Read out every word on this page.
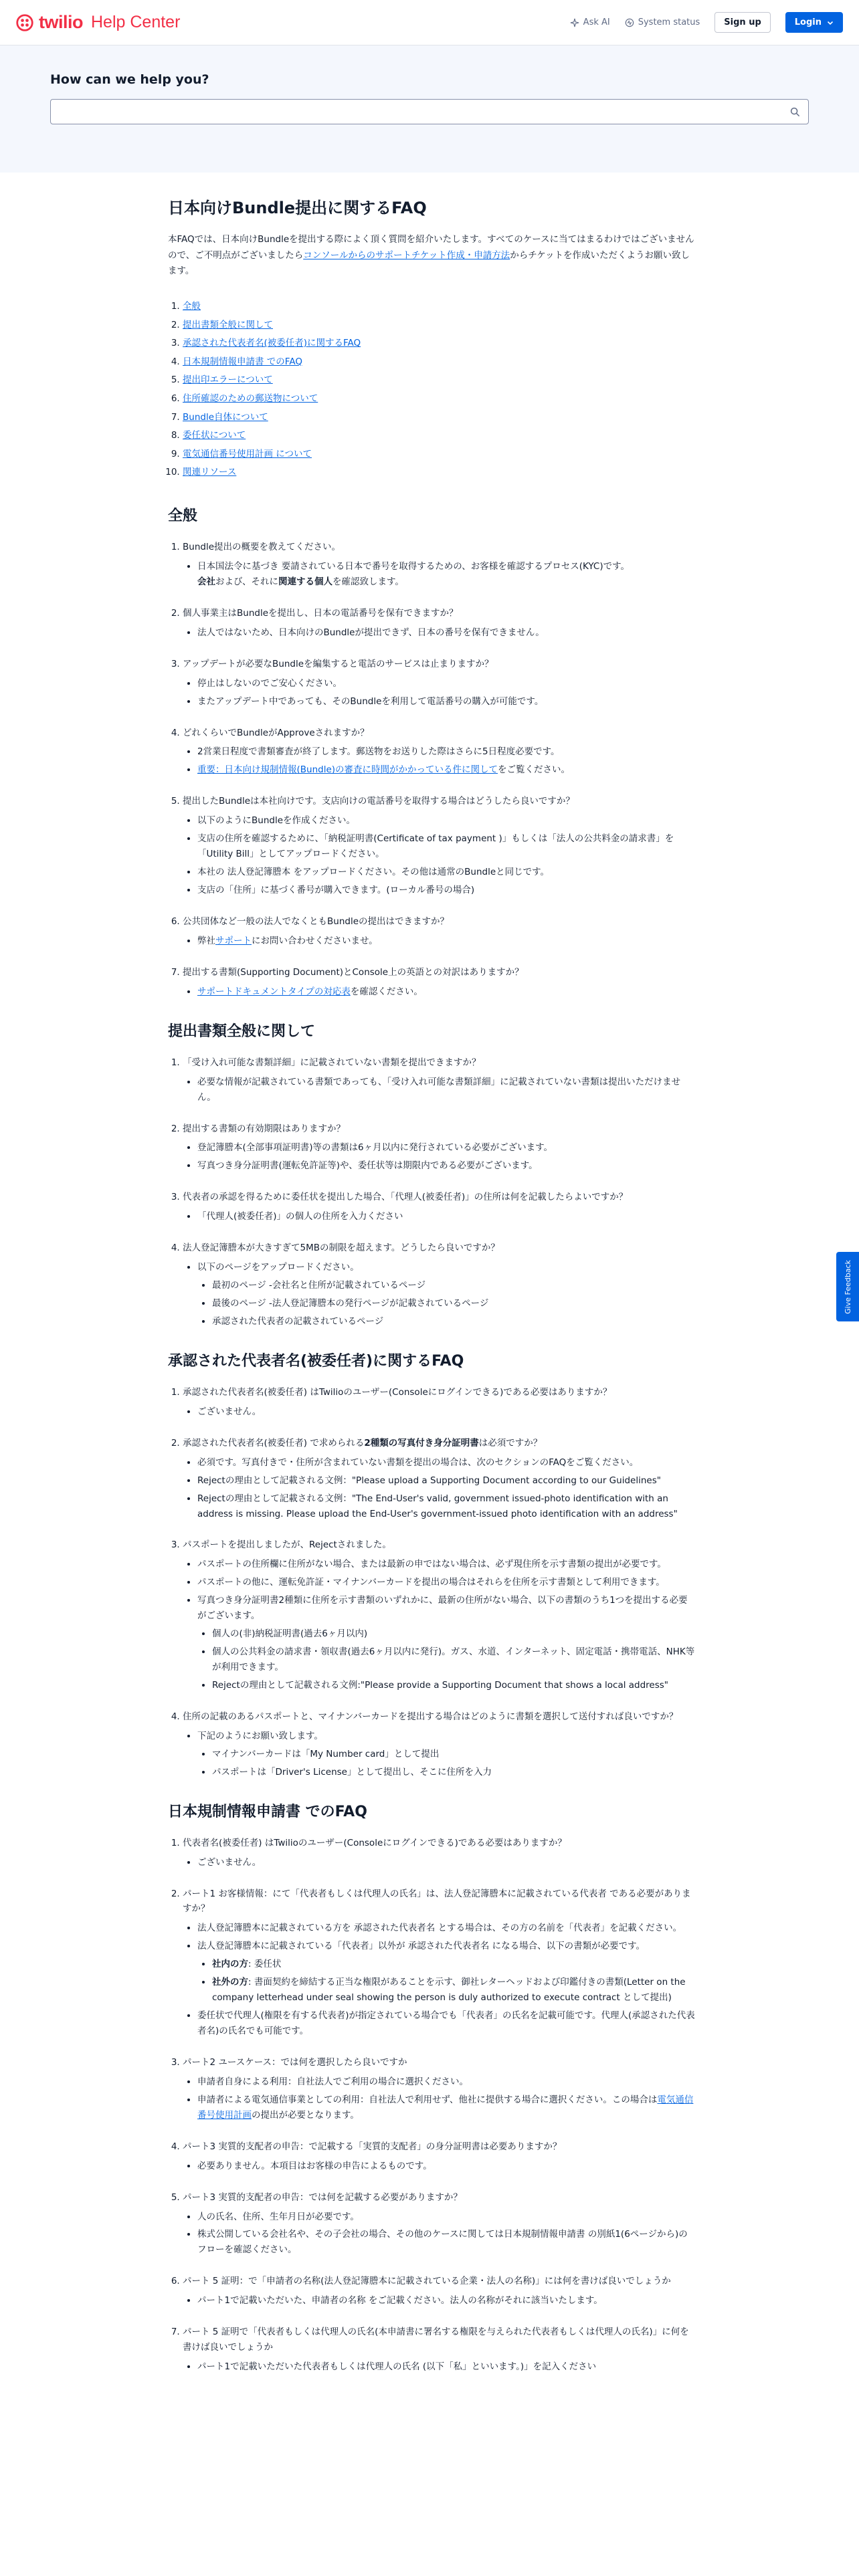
twilio Help Center	Ask AI	System status	Sign up	Login
How can we help you?
日本向けBundle提出に関するFAQ

本FAQでは、日本向けBundleを提出する際によく頂く質問を紹介いたします。すべてのケースに当てはまるわけではございませんので、ご不明点がございましたらコンソールからのサポートチケット作成・申請方法からチケットを作成いただくようお願い致します。

1. 全般
2. 提出書類全般に関して
3. 承認された代表者名(被委任者)に関するFAQ
4. 日本規制情報申請書 でのFAQ
5. 提出印エラーについて
6. 住所確認のための郵送物について
7. Bundle自体について
8. 委任状について
9. 電気通信番号使用計画 について
10. 関連リソース
全般
1. Bundle提出の概要を教えてください。
• 日本国法令に基づき 要請されている日本で番号を取得するための、お客様を確認するプロセス(KYC)です。
会社および、それに関連する個人を確認致します。
2. 個人事業主はBundleを提出し、日本の電話番号を保有できますか？
• 法人ではないため、日本向けのBundleが提出できず、日本の番号を保有できません。
3. アップデートが必要なBundleを編集すると電話のサービスは止まりますか？
• 停止はしないのでご安心ください。
• またアップデート中であっても、そのBundleを利用して電話番号の購入が可能です。
4. どれくらいでBundleがApproveされますか？
• 2営業日程度で書類審査が終了します。郵送物をお送りした際はさらに5日程度必要です。
• 重要：日本向け規制情報(Bundle)の審査に時間がかかっている件に関してをご覧ください。
5. 提出したBundleは本社向けです。支店向けの電話番号を取得する場合はどうしたら良いですか？
• 以下のようにBundleを作成ください。
• 支店の住所を確認するために、「納税証明書(Certificate of tax payment )」もしくは「法人の公共料金の請求書」を「Utility Bill」としてアップロードください。
• 本社の 法人登記簿謄本 をアップロードください。その他は通常のBundleと同じです。
• 支店の「住所」に基づく番号が購入できます。(ローカル番号の場合)
6. 公共団体など一般の法人でなくともBundleの提出はできますか？
• 弊社サポートにお問い合わせくださいませ。
7. 提出する書類(Supporting Document)とConsole上の英語との対訳はありますか？
• サポートドキュメントタイプの対応表を確認ください。
提出書類全般に関して
1. 「受け入れ可能な書類詳細」に記載されていない書類を提出できますか？
• 必要な情報が記載されている書類であっても、「受け入れ可能な書類詳細」に記載されていない書類は提出いただけません。
2. 提出する書類の有効期限はありますか？
• 登記簿謄本(全部事項証明書)等の書類は6ヶ月以内に発行されている必要がございます。
• 写真つき身分証明書(運転免許証等)や、委任状等は期限内である必要がございます。
3. 代表者の承認を得るために委任状を提出した場合、「代理人(被委任者)」の住所は何を記載したらよいですか？
• 「代理人(被委任者)」の個人の住所を入力ください
4. 法人登記簿謄本が大きすぎて5MBの制限を超えます。どうしたら良いですか？
• 以下のページをアップロードください。
• 最初のページ -会社名と住所が記載されているページ
• 最後のページ -法人登記簿謄本の発行ページが記載されているページ
• 承認された代表者の記載されているページ
承認された代表者名(被委任者)に関するFAQ
1. 承認された代表者名(被委任者) はTwilioのユーザー(Consoleにログインできる)である必要はありますか？
• ございません。
2. 承認された代表者名(被委任者) で求められる2種類の写真付き身分証明書は必須ですか？
• 必須です。写真付きで・住所が含まれていない書類を提出の場合は、次のセクションのFAQをご覧ください。
• Rejectの理由として記載される文例："Please upload a Supporting Document according to our Guidelines"
• Rejectの理由として記載される文例："The End-User's valid, government issued-photo identification with an address is missing. Please upload the End-User's government-issued photo identification with an address"
3. パスポートを提出しましたが、Rejectされました。
• パスポートの住所欄に住所がない場合、または最新の申ではない場合は、必ず現住所を示す書類の提出が必要です。
• パスポートの他に、運転免許証・マイナンバーカードを提出の場合はそれらを住所を示す書類として利用できます。
• 写真つき身分証明書2種類に住所を示す書類のいずれかに、最新の住所がない場合、以下の書類のうち1つを提出する必要がございます。
• 個人の(非)納税証明書(過去6ヶ月以内)
• 個人の公共料金の請求書・領収書(過去6ヶ月以内に発行)。ガス、水道、インターネット、固定電話・携帯電話、NHK等が利用できます。
• Rejectの理由として記載される文例:"Please provide a Supporting Document that shows a local address"
4. 住所の記載のあるパスポートと、マイナンバーカードを提出する場合はどのように書類を選択して送付すれば良いですか？
• 下記のようにお願い致します。
• マイナンバーカードは「My Number card」として提出
• パスポートは「Driver's License」として提出し、そこに住所を入力
日本規制情報申請書 でのFAQ
1. 代表者名(被委任者) はTwilioのユーザー(Consoleにログインできる)である必要はありますか？
• ございません。
2. パート1 お客様情報：にて「代表者もしくは代理人の氏名」は、法人登記簿謄本に記載されている代表者 である必要がありますか？
• 法人登記簿謄本に記載されている方を 承認された代表者名 とする場合は、その方の名前を「代表者」を記載ください。
• 法人登記簿謄本に記載されている「代表者」以外が 承認された代表者名 になる場合、以下の書類が必要です。
• 社内の方: 委任状
• 社外の方: 書面契約を締結する正当な権限があることを示す、御社レターヘッドおよび印鑑付きの書類(Letter on the company letterhead under seal showing the person is duly authorized to execute contract として提出)
• 委任状で代理人(権限を有する代表者)が指定されている場合でも「代表者」の氏名を記載可能です。代理人(承認された代表者名)の氏名でも可能です。
3. パート2 ユースケース：では何を選択したら良いですか
• 申請者自身による利用：自社法人でご利用の場合に選択ください。
• 申請者による電気通信事業としての利用：自社法人で利用せず、他社に提供する場合に選択ください。この場合は電気通信番号使用計画の提出が必要となります。
4. パート3 実質的支配者の申告：で記載する「実質的支配者」の身分証明書は必要ありますか？
• 必要ありません。本項目はお客様の申告によるものです。
5. パート3 実質的支配者の申告：では何を記載する必要がありますか？
• 人の氏名、住所、生年月日が必要です。
• 株式公開している会社名や、その子会社の場合、その他のケースに関しては日本規制情報申請書 の別紙1(6ページから)のフローを確認ください。
6. パート 5 証明：で「申請者の名称(法人登記簿謄本に記載されている企業・法人の名称)」には何を書けば良いでしょうか
• パート1で記載いただいた、申請者の名称 をご記載ください。法人の名称がそれに該当いたします。
7. パート 5 証明で「代表者もしくは代理人の氏名(本申請書に署名する権限を与えられた代表者もしくは代理人の氏名)」に何を書けば良いでしょうか
• パート1で記載いただいた代表者もしくは代理人の氏名 (以下「私」といいます。)」を記入ください
Give Feedback
